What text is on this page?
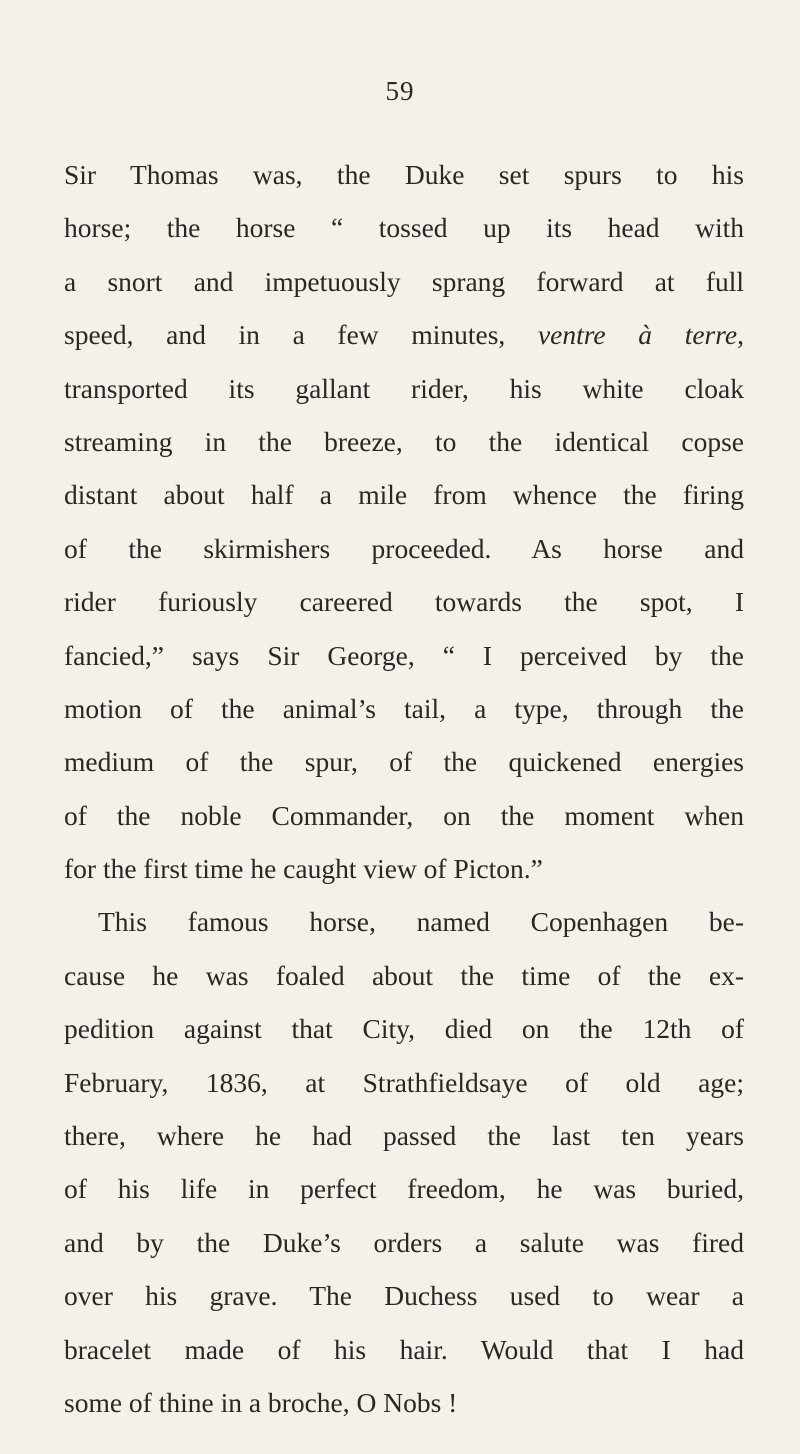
59
Sir Thomas was, the Duke set spurs to his
horse; the horse “ tossed up its head with
a snort and impetuously sprang forward at full
speed, and in a few minutes, ventre à terre,
transported its gallant rider, his white cloak
streaming in the breeze, to the identical copse
distant about half a mile from whence the firing
of the skirmishers proceeded. As horse and
rider furiously careered towards the spot, I
fancied,” says Sir George, “ I perceived by the
motion of the animal’s tail, a type, through the
medium of the spur, of the quickened energies
of the noble Commander, on the moment when
for the first time he caught view of Picton.”
This famous horse, named Copenhagen be-
cause he was foaled about the time of the ex-
pedition against that City, died on the 12th of
February, 1836, at Strathfieldsaye of old age;
there, where he had passed the last ten years
of his life in perfect freedom, he was buried,
and by the Duke’s orders a salute was fired
over his grave. The Duchess used to wear a
bracelet made of his hair. Would that I had
some of thine in a broche, O Nobs !
